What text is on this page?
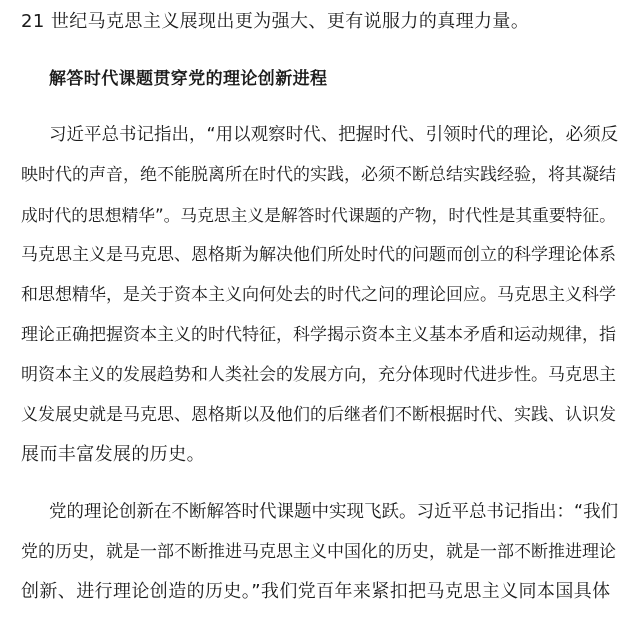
21 世纪马克思主义展现出更为强大、更有说服力的真理力量。
解答时代课题贯穿党的理论创新进程
习近平总书记指出，“用以观察时代、把握时代、引领时代的理论，必须反
映时代的声音，绝不能脱离所在时代的实践，必须不断总结实践经验，将其凝结
成时代的思想精华”。马克思主义是解答时代课题的产物，时代性是其重要特征。
马克思主义是马克思、恩格斯为解决他们所处时代的问题而创立的科学理论体系
和思想精华，是关于资本主义向何处去的时代之问的理论回应。马克思主义科学
理论正确把握资本主义的时代特征，科学揭示资本主义基本矛盾和运动规律，指
明资本主义的发展趋势和人类社会的发展方向，充分体现时代进步性。马克思主
义发展史就是马克思、恩格斯以及他们的后继者们不断根据时代、实践、认识发
展而丰富发展的历史。
党的理论创新在不断解答时代课题中实现飞跃。习近平总书记指出：“我们
党的历史，就是一部不断推进马克思主义中国化的历史，就是一部不断推进理论
创新、进行理论创造的历史。”我们党百年来紧扣把马克思主义同本国具体
